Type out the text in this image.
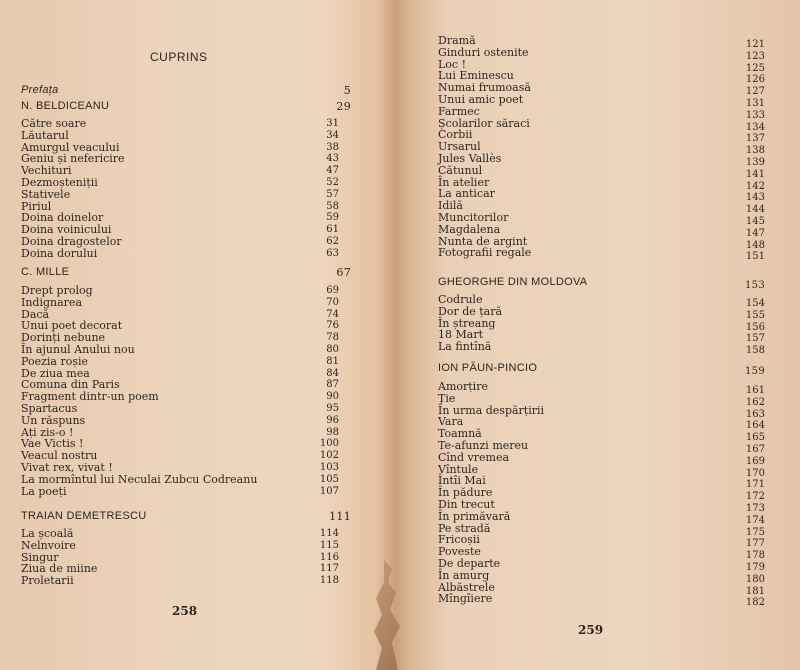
CUPRINS
Prefața	5
N. BELDICEANU	29
Către soare	31
Lăutarul	34
Amurgul veacului	38
Geniu și nefericire	43
Vechituri	47
Dezmoșteniții	52
Stativele	57
Piriul	58
Doina doinelor	59
Doina voinicului	61
Doina dragostelor	62
Doina dorului	63
C. MILLE	67
Drept prolog	69
Indignarea	70
Dacă	74
Unui poet decorat	76
Dorinți nebune	78
În ajunul Anului nou	80
Poezia roșie	81
De ziua mea	84
Comuna din Paris	87
Fragment dintr-un poem	90
Spartacus	95
Un răspuns	96
Ați zis-o !	98
Vae Victis !	100
Veacul nostru	102
Vivat rex, vivat !	103
La mormîntul lui Neculai Zubcu Codreanu	105
La poeți	107
TRAIAN DEMETRESCU	111
La școală	114
Nelnvoire	115
Singur	116
Ziua de miine	117
Proletarii	118
258
Dramă	121
Ginduri ostenite	123
Loc !	125
Lui Eminescu	126
Numai frumoasă	127
Unui amic poet	131
Farmec	133
Școlarilor săraci	134
Corbii	137
Ursarul	138
Jules Vallès	139
Cătunul	141
În atelier	142
La anticar	143
Idilă	144
Muncitorilor	145
Magdalena	147
Nunta de argint	148
Fotografii regale	151
GHEORGHE DIN MOLDOVA	153
Codrule	154
Dor de țară	155
În ștreang	156
18 Mart	157
La fintînă	158
ION PĂUN-PINCIO	159
Amorțire	161
Ție	162
În urma despărțirii	163
Vara	164
Toamnă	165
Te-afunzi mereu	167
Cînd vremea	169
Vîntule	170
Întîi Mai	171
În pădure	172
Din trecut	173
În primăvară	174
Pe stradă	175
Fricoșii	177
Poveste	178
De departe	179
În amurg	180
Albăstrele	181
Mîngîiere	182
259
